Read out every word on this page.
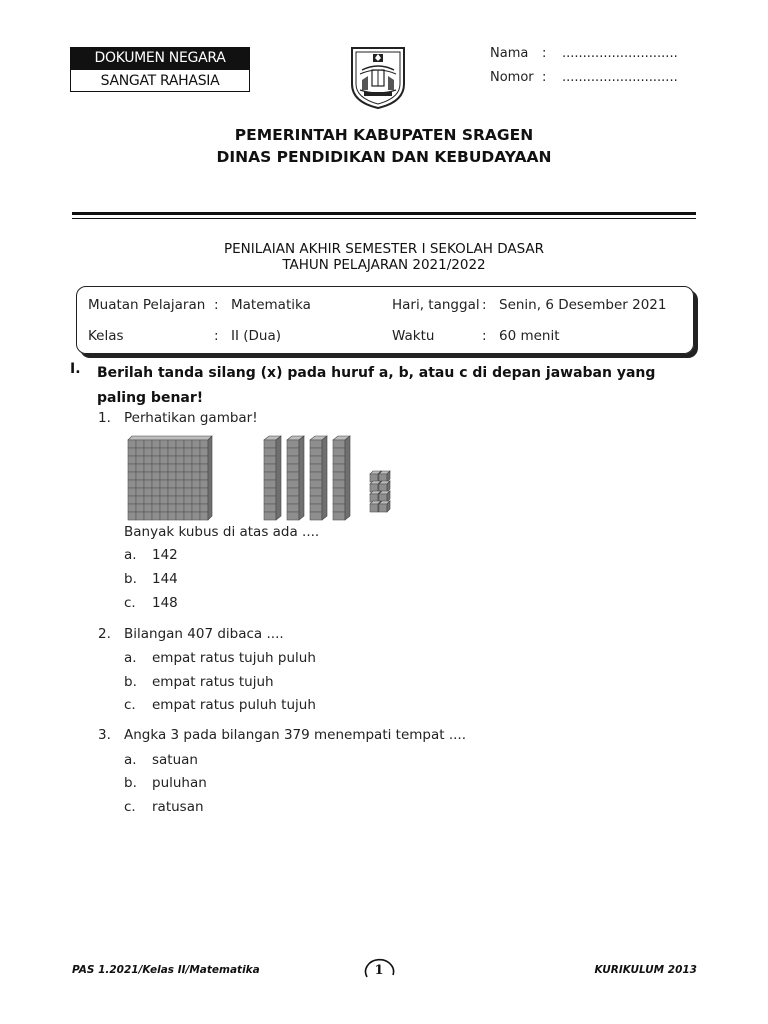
DOKUMEN NEGARA
SANGAT RAHASIA
Nama : ............................
Nomor : ............................
PEMERINTAH KABUPATEN SRAGEN
DINAS PENDIDIKAN DAN KEBUDAYAAN
PENILAIAN AKHIR SEMESTER I SEKOLAH DASAR
TAHUN PELAJARAN 2021/2022
Muatan Pelajaran : Matematika	Hari, tanggal : Senin, 6 Desember 2021
Kelas	: II (Dua)	Waktu	: 60 menit
I. Berilah tanda silang (x) pada huruf a, b, atau c di depan jawaban yang paling benar!
1. Perhatikan gambar!
Banyak kubus di atas ada ....
a. 142
b. 144
c. 148
2. Bilangan 407 dibaca ....
a. empat ratus tujuh puluh
b. empat ratus tujuh
c. empat ratus puluh tujuh
3. Angka 3 pada bilangan 379 menempati tempat ....
a. satuan
b. puluhan
c. ratusan
PAS 1.2021/Kelas II/Matematika	1	KURIKULUM 2013
